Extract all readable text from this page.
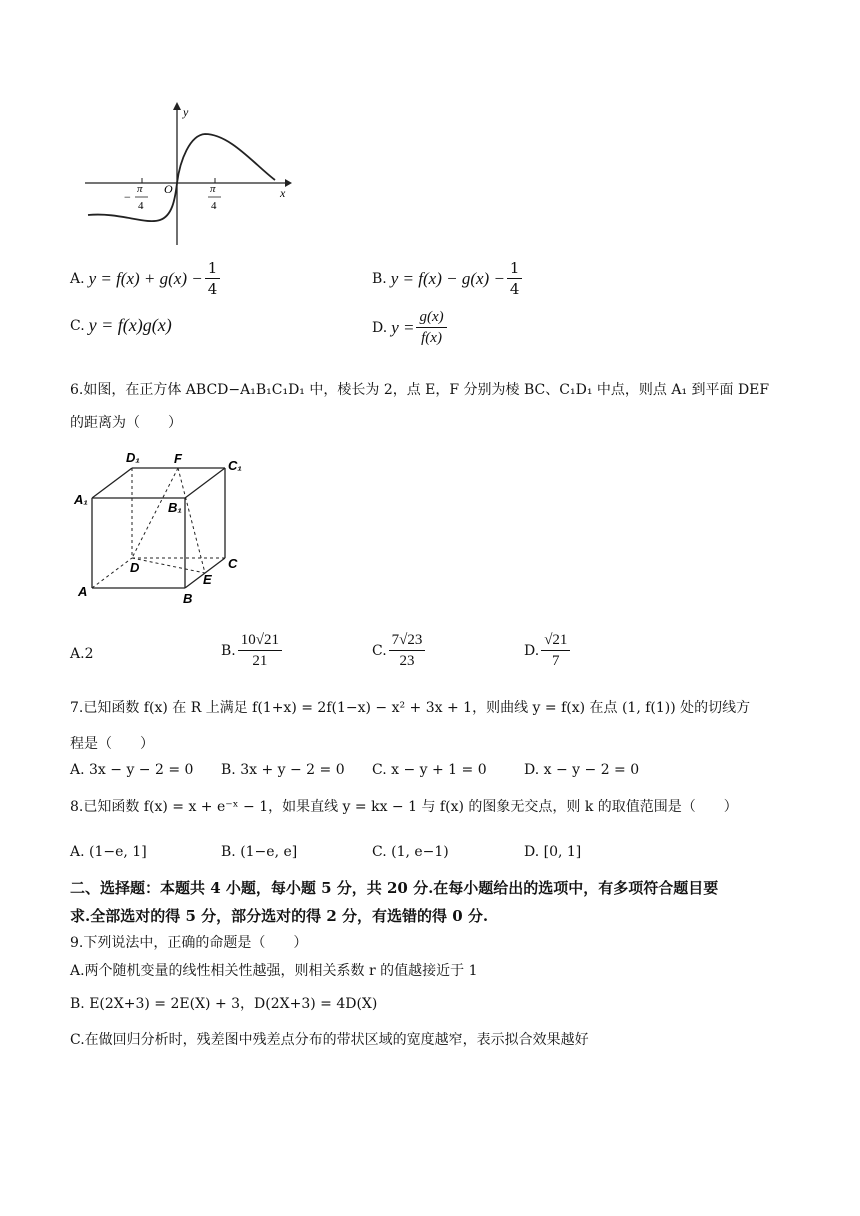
y
x
O
−
π
4
π
4
A. $y = f(x) + g(x) - \frac{1}{4}$	B. $y = f(x) - g(x) - \frac{1}{4}$
C. y = f(x)g(x)	D. $y = \frac{g(x)}{f(x)}$
6.如图，在正方体 ABCD−A₁B₁C₁D₁ 中，棱长为 2，点 E，F 分别为棱 BC、C₁D₁ 中点，则点 A₁ 到平面 DEF
的距离为（　　）
D₁	F	C₁
A₁
B₁
D	C
E
A	B
A. 2	B. $\frac{10√21}{21}$	C. $\frac{7√23}{23}$	D. $\frac{√21}{7}$
7.已知函数 f(x) 在 R 上满足 f(1+x) = 2f(1−x) − x² + 3x + 1，则曲线 y = f(x) 在点 (1, f(1)) 处的切线方
程是（　　）
A. 3x − y − 2 = 0 B. 3x + y − 2 = 0 C. x − y + 1 = 0	D. x − y − 2 = 0
8.已知函数 f(x) = x + e⁻ˣ − 1，如果直线 y = kx − 1 与 f(x) 的图象无交点，则 k 的取值范围是（　　）
A. (1−e, 1]	B. (1−e, e]	C. (1, e−1)	D. [0, 1]
二、选择题：本题共 4 小题，每小题 5 分，共 20 分.在每小题给出的选项中，有多项符合题目要
求.全部选对的得 5 分，部分选对的得 2 分，有选错的得 0 分.
9.下列说法中，正确的命题是（　　）
A.两个随机变量的线性相关性越强，则相关系数 r 的值越接近于 1
B. E(2X+3) = 2E(X) + 3，D(2X+3) = 4D(X)
C.在做回归分析时，残差图中残差点分布的带状区域的宽度越窄，表示拟合效果越好
